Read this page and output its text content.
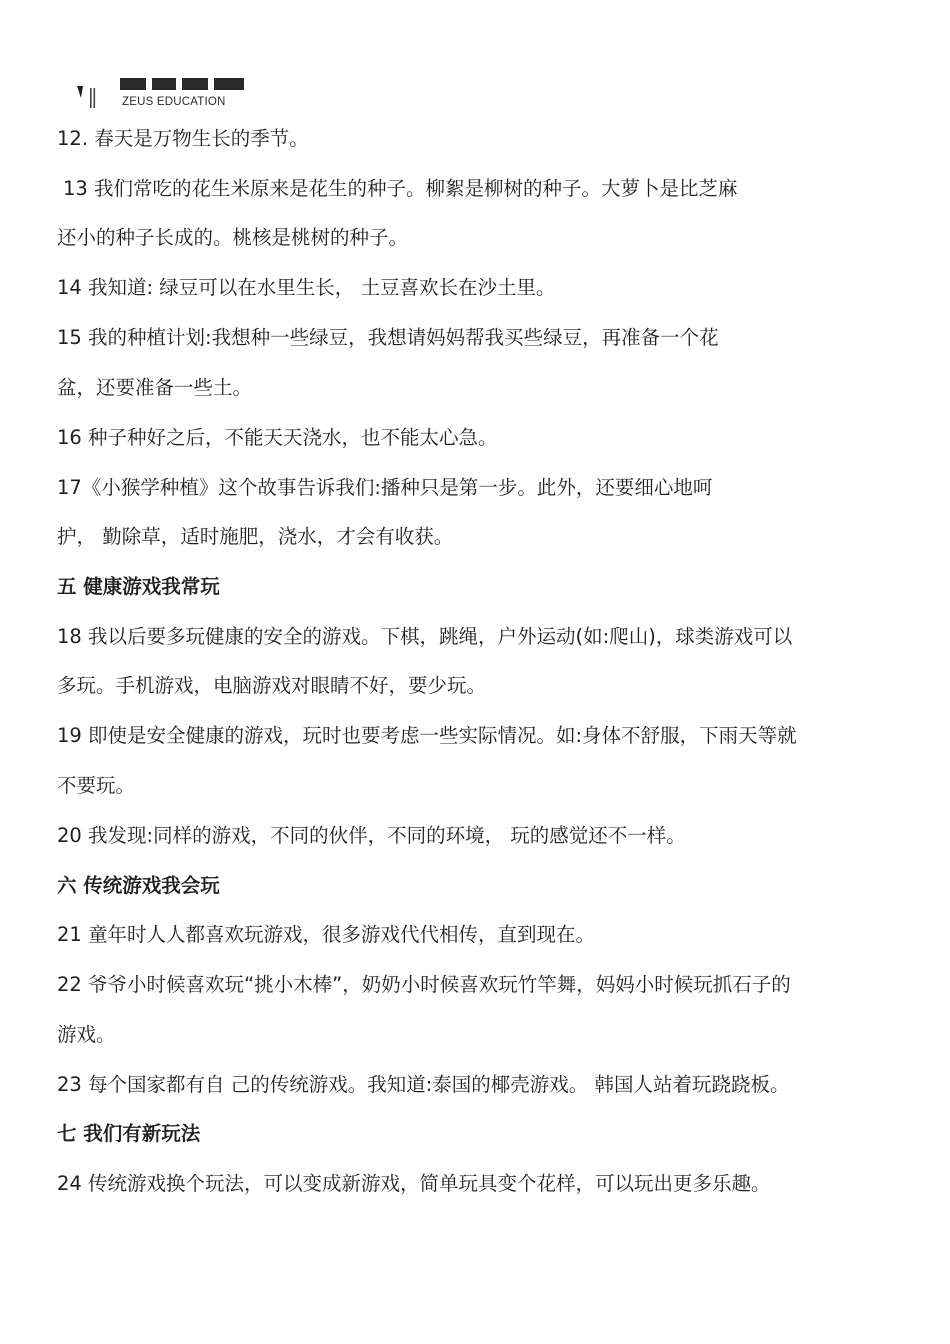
ZEUS EDUCATION
12. 春天是万物生长的季节。
13 我们常吃的花生米原来是花生的种子。柳絮是柳树的种子。大萝卜是比芝麻
还小的种子长成的。桃核是桃树的种子。
14 我知道: 绿豆可以在水里生长， 土豆喜欢长在沙土里。
15 我的种植计划:我想种一些绿豆，我想请妈妈帮我买些绿豆，再准备一个花
盆，还要准备一些土。
16 种子种好之后，不能天天浇水，也不能太心急。
17《小猴学种植》这个故事告诉我们:播种只是第一步。此外，还要细心地呵
护， 勤除草，适时施肥，浇水，才会有收获。
五 健康游戏我常玩
18 我以后要多玩健康的安全的游戏。下棋，跳绳，户外运动(如:爬山)，球类游戏可以
多玩。手机游戏，电脑游戏对眼睛不好，要少玩。
19 即使是安全健康的游戏，玩时也要考虑一些实际情况。如:身体不舒服，下雨天等就
不要玩。
20 我发现:同样的游戏，不同的伙伴，不同的环境， 玩的感觉还不一样。
六 传统游戏我会玩
21 童年时人人都喜欢玩游戏，很多游戏代代相传，直到现在。
22 爷爷小时候喜欢玩“挑小木棒”，奶奶小时候喜欢玩竹竿舞，妈妈小时候玩抓石子的
游戏。
23 每个国家都有自 己的传统游戏。我知道:泰国的椰壳游戏。 韩国人站着玩跷跷板。
七 我们有新玩法
24 传统游戏换个玩法，可以变成新游戏，简单玩具变个花样，可以玩出更多乐趣。
